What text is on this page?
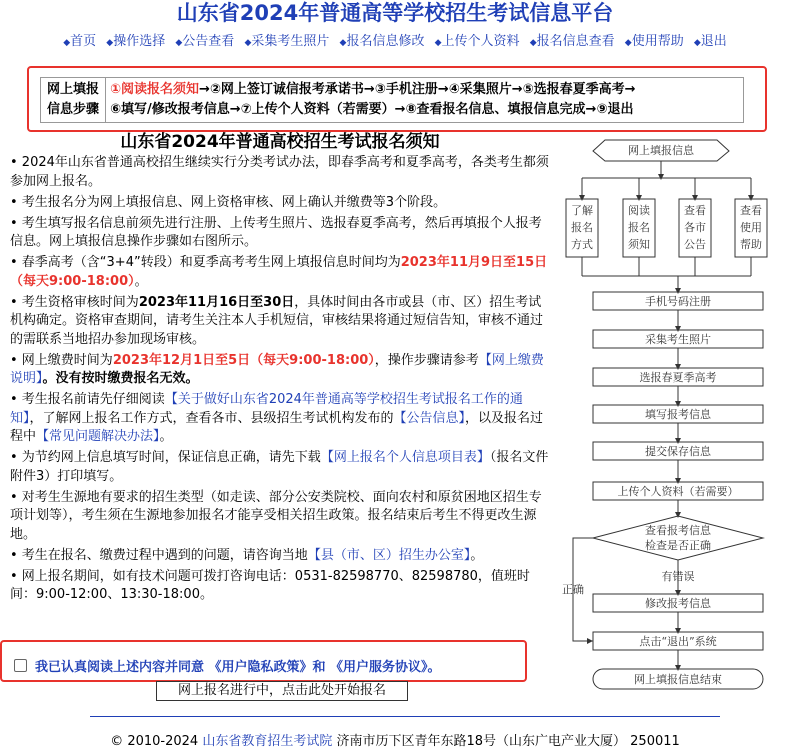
山东省2024年普通高等学校招生考试信息平台
◆首页 ◆操作选择 ◆公告查看 ◆采集考生照片 ◆报名信息修改 ◆上传个人资料 ◆报名信息查看 ◆使用帮助 ◆退出
网上填报
信息步骤
①阅读报名须知→②网上签订诚信报考承诺书→③手机注册→④采集照片→⑤选报春夏季高考→
⑥填写/修改报考信息→⑦上传个人资料（若需要）→⑧查看报名信息、填报信息完成→⑨退出
山东省2024年普通高校招生考试报名须知

• 2024年山东省普通高校招生继续实行分类考试办法，即春季高考和夏季高考，各类考生都须参加网上报名。

• 考生报名分为网上填报信息、网上资格审核、网上确认并缴费等3个阶段。

• 考生填写报名信息前须先进行注册、上传考生照片、选报春夏季高考，然后再填报个人报考信息。网上填报信息操作步骤如右图所示。

• 春季高考（含“3+4”转段）和夏季高考考生网上填报信息时间均为2023年11月9日至15日（每天9:00-18:00）。

• 考生资格审核时间为2023年11月16日至30日，具体时间由各市或县（市、区）招生考试机构确定。资格审查期间，请考生关注本人手机短信，审核结果将通过短信告知，审核不通过的需联系当地招办参加现场审核。

• 网上缴费时间为2023年12月1日至5日（每天9:00-18:00），操作步骤请参考【网上缴费说明】。没有按时缴费报名无效。

• 考生报名前请先仔细阅读【关于做好山东省2024年普通高等学校招生考试报名工作的通知】，了解网上报名工作方式，查看各市、县级招生考试机构发布的【公告信息】，以及报名过程中【常见问题解决办法】。

• 为节约网上信息填写时间，保证信息正确，请先下载【网上报名个人信息项目表】（报名文件附件3）打印填写。

• 对考生生源地有要求的招生类型（如走读、部分公安类院校、面向农村和原贫困地区招生专项计划等），考生须在生源地参加报名才能享受相关招生政策。报名结束后考生不得更改生源地。

• 考生在报名、缴费过程中遇到的问题，请咨询当地【县（市、区）招生办公室】。

• 网上报名期间，如有技术问题可拨打咨询电话：0531-82598770、82598780，值班时间：9:00-12:00、13:30-18:00。

我已认真阅读上述内容并同意 《用户隐私政策》和 《用户服务协议》。
网上报名进行中，点击此处开始报名
© 2010-2024 山东省教育招生考试院 济南市历下区青年东路18号（山东广电产业大厦） 250011
网上填报信息
了解
报名
方式
阅读
报名
须知
查看
各市
公告
查看
使用
帮助
手机号码注册
采集考生照片
选报春夏季高考
填写报考信息
提交保存信息
上传个人资料（若需要）
查看报考信息
检查是否正确
有错误
正确
修改报考信息
点击“退出”系统
网上填报信息结束
